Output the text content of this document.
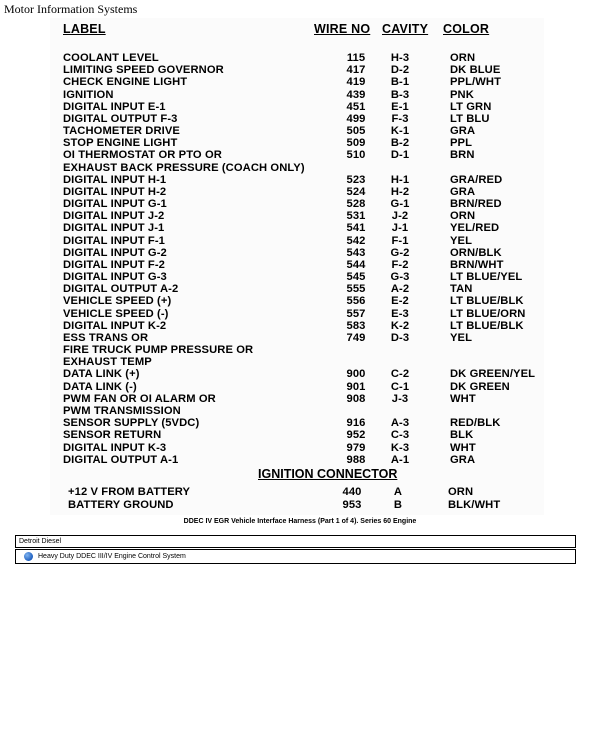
Motor Information Systems
LABEL	WIRE NO CAVITY COLOR
COOLANT LEVEL	115	H-3	ORN
LIMITING SPEED GOVERNOR	417	D-2	DK BLUE
CHECK ENGINE LIGHT	419	B-1	PPL/WHT
IGNITION	439	B-3	PNK
DIGITAL INPUT E-1	451	E-1	LT GRN
DIGITAL OUTPUT F-3	499	F-3	LT BLU
TACHOMETER DRIVE	505	K-1	GRA
STOP ENGINE LIGHT	509	B-2	PPL
OI THERMOSTAT OR PTO OR	510	D-1	BRN
EXHAUST BACK PRESSURE (COACH ONLY)
DIGITAL INPUT H-1	523	H-1	GRA/RED
DIGITAL INPUT H-2	524	H-2	GRA
DIGITAL INPUT G-1	528	G-1	BRN/RED
DIGITAL INPUT J-2	531	J-2	ORN
DIGITAL INPUT J-1	541	J-1	YEL/RED
DIGITAL INPUT F-1	542	F-1	YEL
DIGITAL INPUT G-2	543	G-2	ORN/BLK
DIGITAL INPUT F-2	544	F-2	BRN/WHT
DIGITAL INPUT G-3	545	G-3	LT BLUE/YEL
DIGITAL OUTPUT A-2	555	A-2	TAN
VEHICLE SPEED (+)	556	E-2	LT BLUE/BLK
VEHICLE SPEED (-)	557	E-3	LT BLUE/ORN
DIGITAL INPUT K-2	583	K-2	LT BLUE/BLK
ESS TRANS OR	749	D-3	YEL
FIRE TRUCK PUMP PRESSURE OR
EXHAUST TEMP
DATA LINK (+)	900	C-2	DK GREEN/YEL
DATA LINK (-)	901	C-1	DK GREEN
PWM FAN OR OI ALARM OR	908	J-3	WHT
PWM TRANSMISSION
SENSOR SUPPLY (5VDC)	916	A-3	RED/BLK
SENSOR RETURN	952	C-3	BLK
DIGITAL INPUT K-3	979	K-3	WHT
DIGITAL OUTPUT A-1	988	A-1	GRA
IGNITION CONNECTOR
+12 V FROM BATTERY	440	A	ORN
BATTERY GROUND	953	B	BLK/WHT
DDEC IV EGR Vehicle Interface Harness (Part 1 of 4). Series 60 Engine
Detroit Diesel
Heavy Duty DDEC III/IV Engine Control System
